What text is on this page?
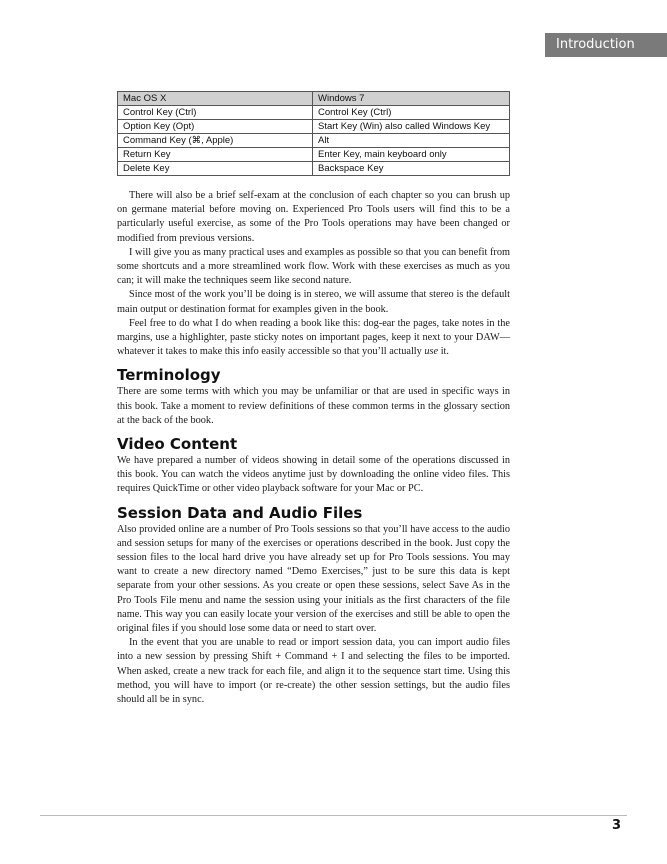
Introduction
Mac OS X	Windows 7
Control Key (Ctrl)	Control Key (Ctrl)
Option Key (Opt)	Start Key (Win) also called Windows Key
Command Key (⌘, Apple)	Alt
Return Key	Enter Key, main keyboard only
Delete Key	Backspace Key

There will also be a brief self-exam at the conclusion of each chapter so you can brush up on germane material before moving on. Experienced Pro Tools users will find this to be a particularly useful exercise, as some of the Pro Tools operations may have been changed or modified from previous versions.

I will give you as many practical uses and examples as possible so that you can benefit from some shortcuts and a more streamlined work flow. Work with these exercises as much as you can; it will make the techniques seem like second nature.

Since most of the work you’ll be doing is in stereo, we will assume that stereo is the default main output or destination format for examples given in the book.

Feel free to do what I do when reading a book like this: dog-ear the pages, take notes in the margins, use a highlighter, paste sticky notes on important pages, keep it next to your DAW—whatever it takes to make this info easily accessible so that you’ll actually use it.

Terminology

There are some terms with which you may be unfamiliar or that are used in specific ways in this book. Take a moment to review definitions of these common terms in the glossary section at the back of the book.

Video Content

We have prepared a number of videos showing in detail some of the operations discussed in this book. You can watch the videos anytime just by downloading the online video files. This requires QuickTime or other video playback software for your Mac or PC.

Session Data and Audio Files

Also provided online are a number of Pro Tools sessions so that you’ll have access to the audio and session setups for many of the exercises or operations described in the book. Just copy the session files to the local hard drive you have already set up for Pro Tools sessions. You may want to create a new directory named “Demo Exercises,” just to be sure this data is kept separate from your other sessions. As you create or open these sessions, select Save As in the Pro Tools File menu and name the session using your initials as the first characters of the file name. This way you can easily locate your version of the exercises and still be able to open the original files if you should lose some data or need to start over.

In the event that you are unable to read or import session data, you can import audio files into a new session by pressing Shift + Command + I and selecting the files to be imported. When asked, create a new track for each file, and align it to the sequence start time. Using this method, you will have to import (or re-create) the other session settings, but the audio files should all be in sync.

3
